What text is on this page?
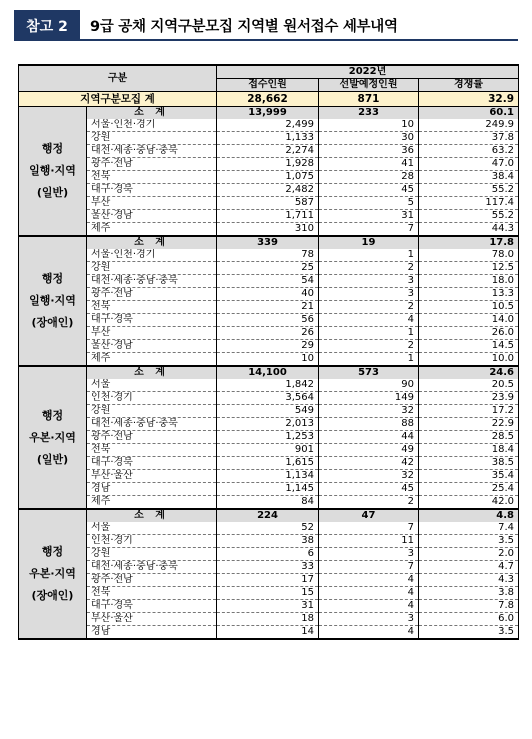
참고 2	9급 공채 지역구분모집 지역별 원서접수 세부내역
구분		2022년		
		접수인원	선발예정인원	경쟁률
지역구분모집 계		28,662	871	32.9

행정
일행·지역
(일반)	소 계	13,999	233	60.1
	서울·인천·경기	2,499	10	249.9
	강원	1,133	30	37.8
	대전·세종·충남·충북	2,274	36	63.2
	광주·전남	1,928	41	47.0
	전북	1,075	28	38.4
	대구·경북	2,482	45	55.2
	부산	587	5	117.4
	울산·경남	1,711	31	55.2
	제주	310	7	44.3

행정
일행·지역
(장애인)	소 계	339	19	17.8
	서울·인천·경기	78	1	78.0
	강원	25	2	12.5
	대전·세종·충남·충북	54	3	18.0
	광주·전남	40	3	13.3
	전북	21	2	10.5
	대구·경북	56	4	14.0
	부산	26	1	26.0
	울산·경남	29	2	14.5
	제주	10	1	10.0

행정
우본·지역
(일반)	소 계	14,100	573	24.6
	서울	1,842	90	20.5
	인천·경기	3,564	149	23.9
	강원	549	32	17.2
	대전·세종·충남·충북	2,013	88	22.9
	광주·전남	1,253	44	28.5
	전북	901	49	18.4
	대구·경북	1,615	42	38.5
	부산·울산	1,134	32	35.4
	경남	1,145	45	25.4
	제주	84	2	42.0

행정
우본·지역
(장애인)	소 계	224	47	4.8
	서울	52	7	7.4
	인천·경기	38	11	3.5
	강원	6	3	2.0
	대전·세종·충남·충북	33	7	4.7
	광주·전남	17	4	4.3
	전북	15	4	3.8
	대구·경북	31	4	7.8
	부산·울산	18	3	6.0
	경남	14	4	3.5
